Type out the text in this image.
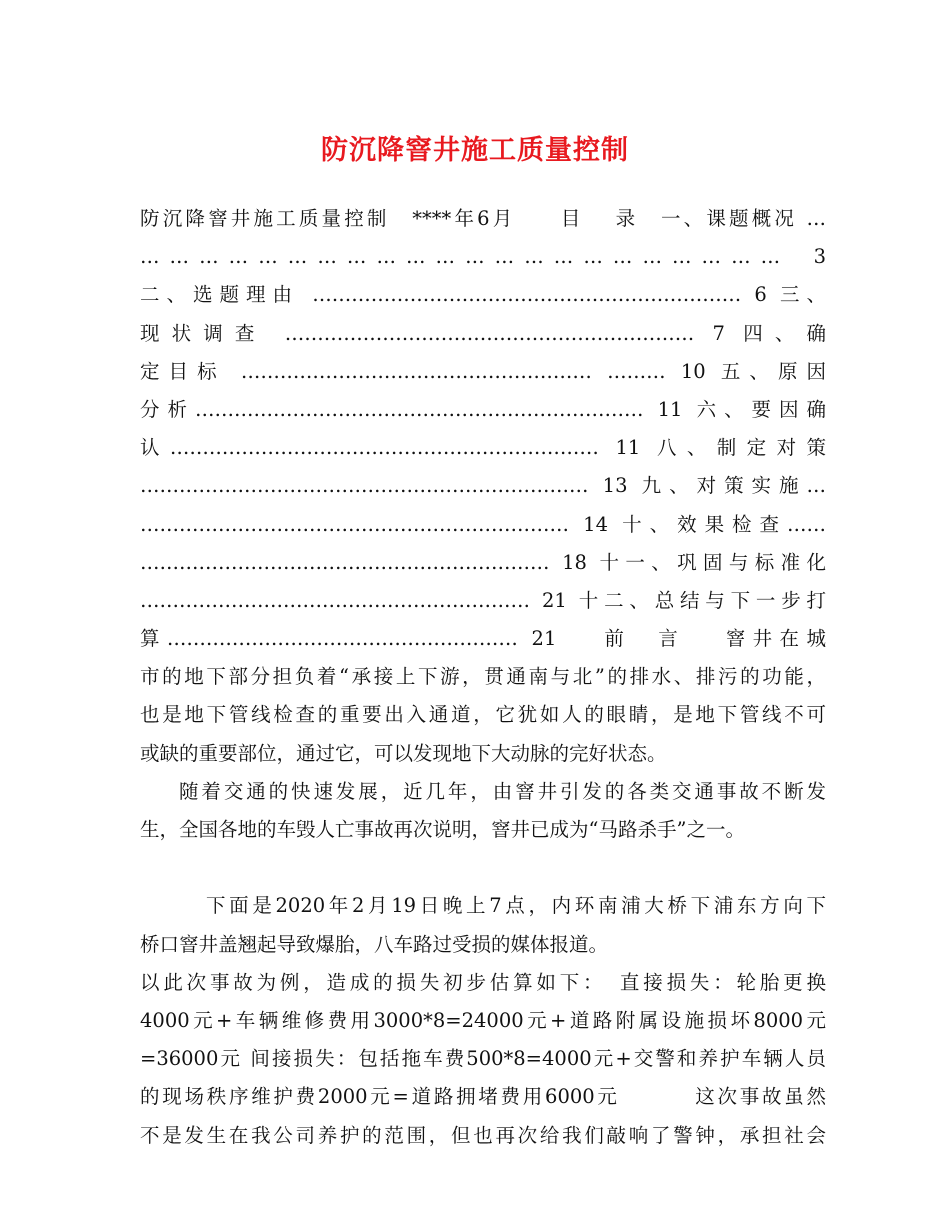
防沉降窨井施工质量控制
防沉降窨井施工质量控制　****年6月　　目　 录　一、课题概况 …
… … … … … … … … … … … … … … … … … … … … … … 　3
二、选题理由 ………………………………………………………… 6 三、
现状调查 ……………………………………………………… 7 四、确
定目标 ……………………………………………… ……… 10 五、原因
分析…………………………………………………………… 11 六、要因确
认………………………………………………………… 11 八、制定对策
…………………………………………………………… 13 九、对策实施…
………………………………………………………… 14 十、效果检查……
……………………………………………………… 18 十一、巩固与标准化
…………………………………………………… 21 十二、总结与下一步打
算……………………………………………… 21　 前　言　 窨井在城
市的地下部分担负着“承接上下游，贯通南与北”的排水、排污的功能，
也是地下管线检查的重要出入通道，它犹如人的眼睛，是地下管线不可
或缺的重要部位，通过它，可以发现地下大动脉的完好状态。
随着交通的快速发展，近几年，由窨井引发的各类交通事故不断发
生，全国各地的车毁人亡事故再次说明，窨井已成为“马路杀手”之一。
下面是2020年2月19日晚上7点，内环南浦大桥下浦东方向下
桥口窨井盖翘起导致爆胎，八车路过受损的媒体报道。
以此次事故为例，造成的损失初步估算如下：　直接损失：轮胎更换
4000元+车辆维修费用3000*8=24000元+道路附属设施损坏8000元
=36000元 间接损失：包括拖车费500*8=4000元+交警和养护车辆人员
的现场秩序维护费2000元=道路拥堵费用6000元　　　 这次事故虽然
不是发生在我公司养护的范围，但也再次给我们敲响了警钟，承担社会
